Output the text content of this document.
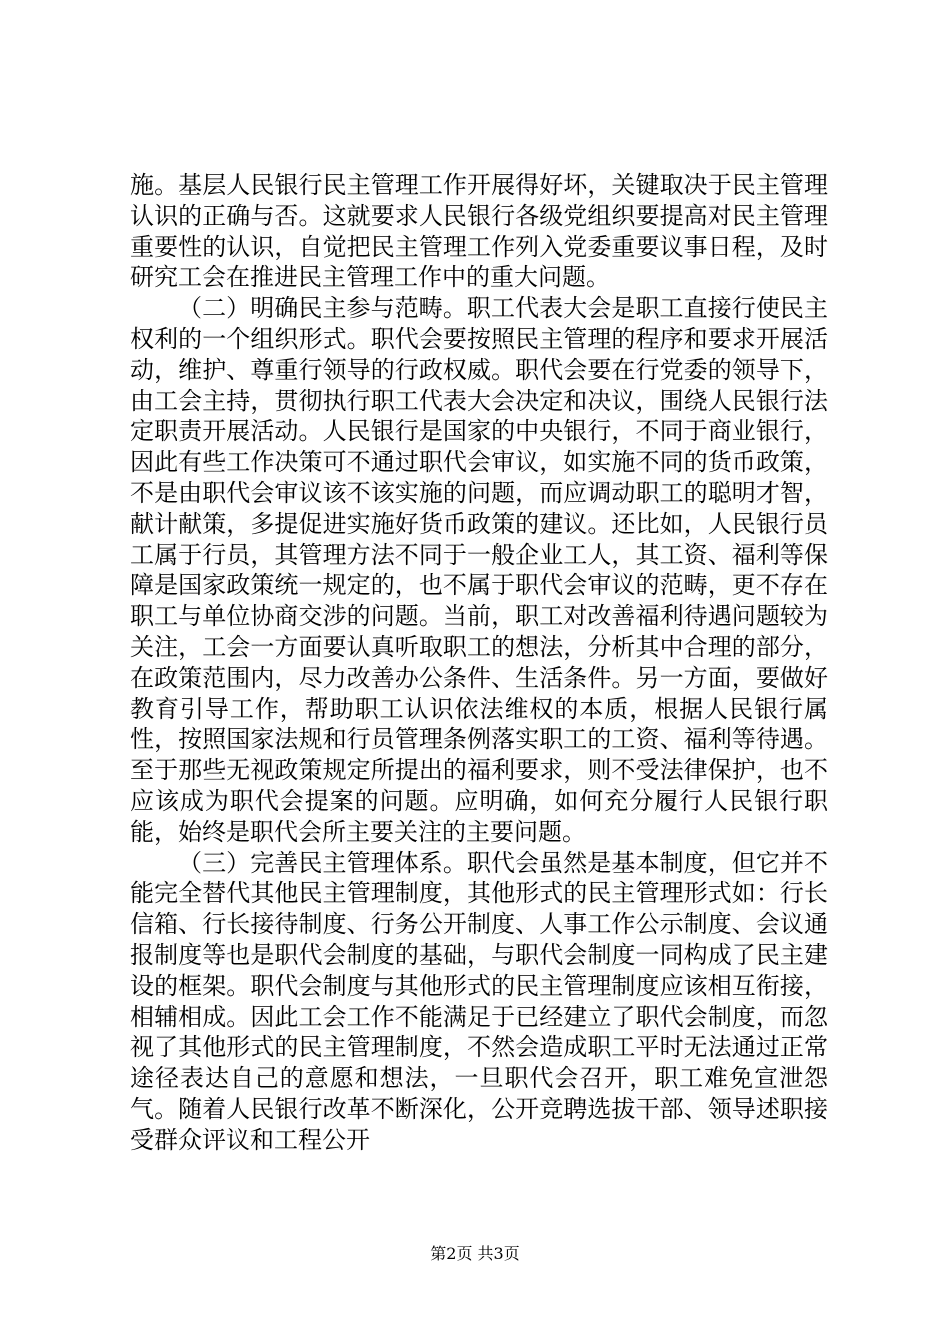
施。基层人民银行民主管理工作开展得好坏，关键取决于民主管理认识的正确与否。这就要求人民银行各级党组织要提高对民主管理重要性的认识，自觉把民主管理工作列入党委重要议事日程，及时研究工会在推进民主管理工作中的重大问题。

（二）明确民主参与范畴。职工代表大会是职工直接行使民主权利的一个组织形式。职代会要按照民主管理的程序和要求开展活动，维护、尊重行领导的行政权威。职代会要在行党委的领导下，由工会主持，贯彻执行职工代表大会决定和决议，围绕人民银行法定职责开展活动。人民银行是国家的中央银行，不同于商业银行，因此有些工作决策可不通过职代会审议，如实施不同的货币政策，不是由职代会审议该不该实施的问题，而应调动职工的聪明才智，献计献策，多提促进实施好货币政策的建议。还比如，人民银行员工属于行员，其管理方法不同于一般企业工人，其工资、福利等保障是国家政策统一规定的，也不属于职代会审议的范畴，更不存在职工与单位协商交涉的问题。当前，职工对改善福利待遇问题较为关注，工会一方面要认真听取职工的想法，分析其中合理的部分，在政策范围内，尽力改善办公条件、生活条件。另一方面，要做好教育引导工作，帮助职工认识依法维权的本质，根据人民银行属性，按照国家法规和行员管理条例落实职工的工资、福利等待遇。至于那些无视政策规定所提出的福利要求，则不受法律保护，也不应该成为职代会提案的问题。应明确，如何充分履行人民银行职能，始终是职代会所主要关注的主要问题。

（三）完善民主管理体系。职代会虽然是基本制度，但它并不能完全替代其他民主管理制度，其他形式的民主管理形式如：行长信箱、行长接待制度、行务公开制度、人事工作公示制度、会议通报制度等也是职代会制度的基础，与职代会制度一同构成了民主建设的框架。职代会制度与其他形式的民主管理制度应该相互衔接，相辅相成。因此工会工作不能满足于已经建立了职代会制度，而忽视了其他形式的民主管理制度，不然会造成职工平时无法通过正常途径表达自己的意愿和想法，一旦职代会召开，职工难免宣泄怨气。随着人民银行改革不断深化，公开竞聘选拔干部、领导述职接受群众评议和工程公开

第2页 共3页
